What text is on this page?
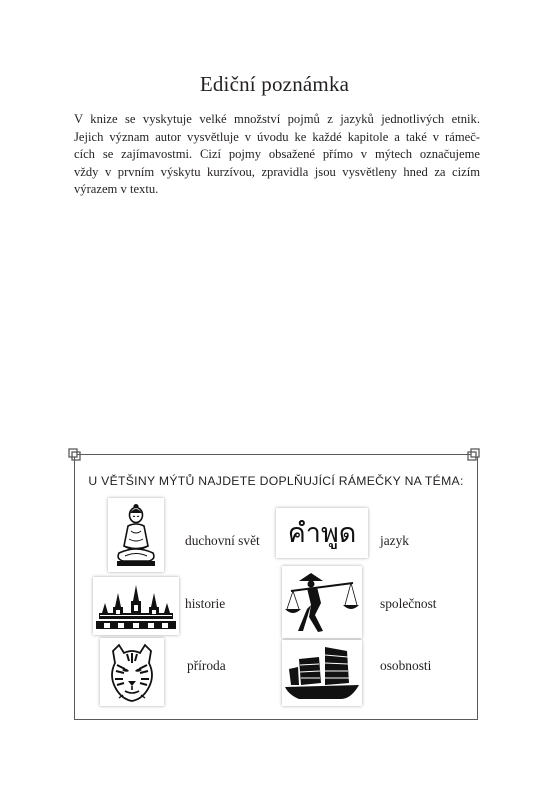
Ediční poznámka

V knize se vyskytuje velké množství pojmů z jazyků jednotlivých etnik.
Jejich význam autor vysvětluje v úvodu ke každé kapitole a také v rámeč-
cích se zajímavostmi. Cizí pojmy obsažené přímo v mýtech označujeme
vždy v prvním výskytu kurzívou, zpravidla jsou vysvětleny hned za cizím
výrazem v textu.

U VĚTŠINY MÝTŮ NAJDETE DOPLŇUJÍCÍ RÁMEČKY NA TÉMA:
duchovní svět คำพูด jazyk
historie	společnost
příroda	osobnosti
